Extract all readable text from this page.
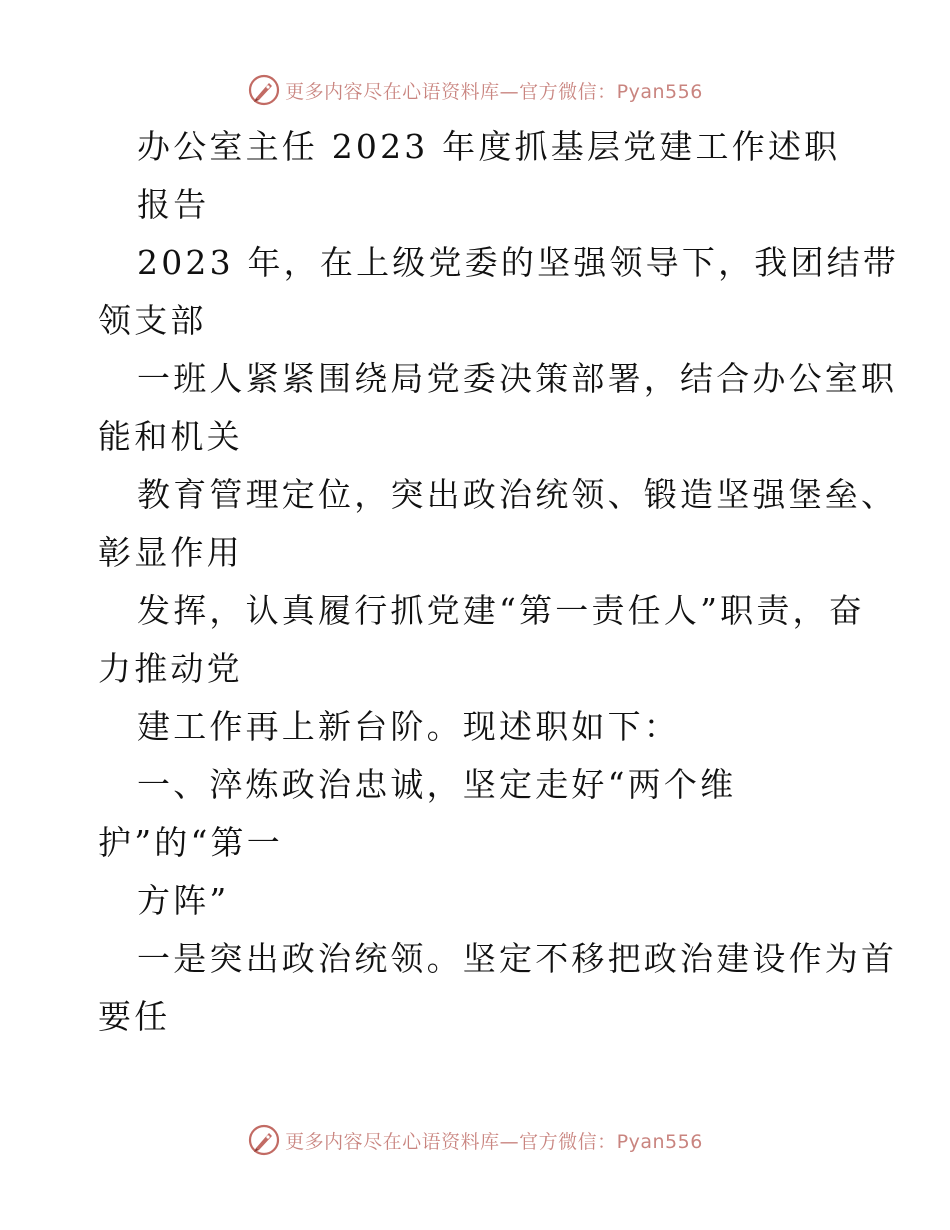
更多内容尽在心语资料库—官方微信：Pyan556
办公室主任 2023 年度抓基层党建工作述职
报告
2023 年，在上级党委的坚强领导下，我团结带
领支部
一班人紧紧围绕局党委决策部署，结合办公室职
能和机关
教育管理定位，突出政治统领、锻造坚强堡垒、
彰显作用
发挥，认真履行抓党建“第一责任人”职责，奋
力推动党
建工作再上新台阶。现述职如下：
一、淬炼政治忠诚，坚定走好“两个维
护”的“第一
方阵”
一是突出政治统领。坚定不移把政治建设作为首
要任
更多内容尽在心语资料库—官方微信：Pyan556
